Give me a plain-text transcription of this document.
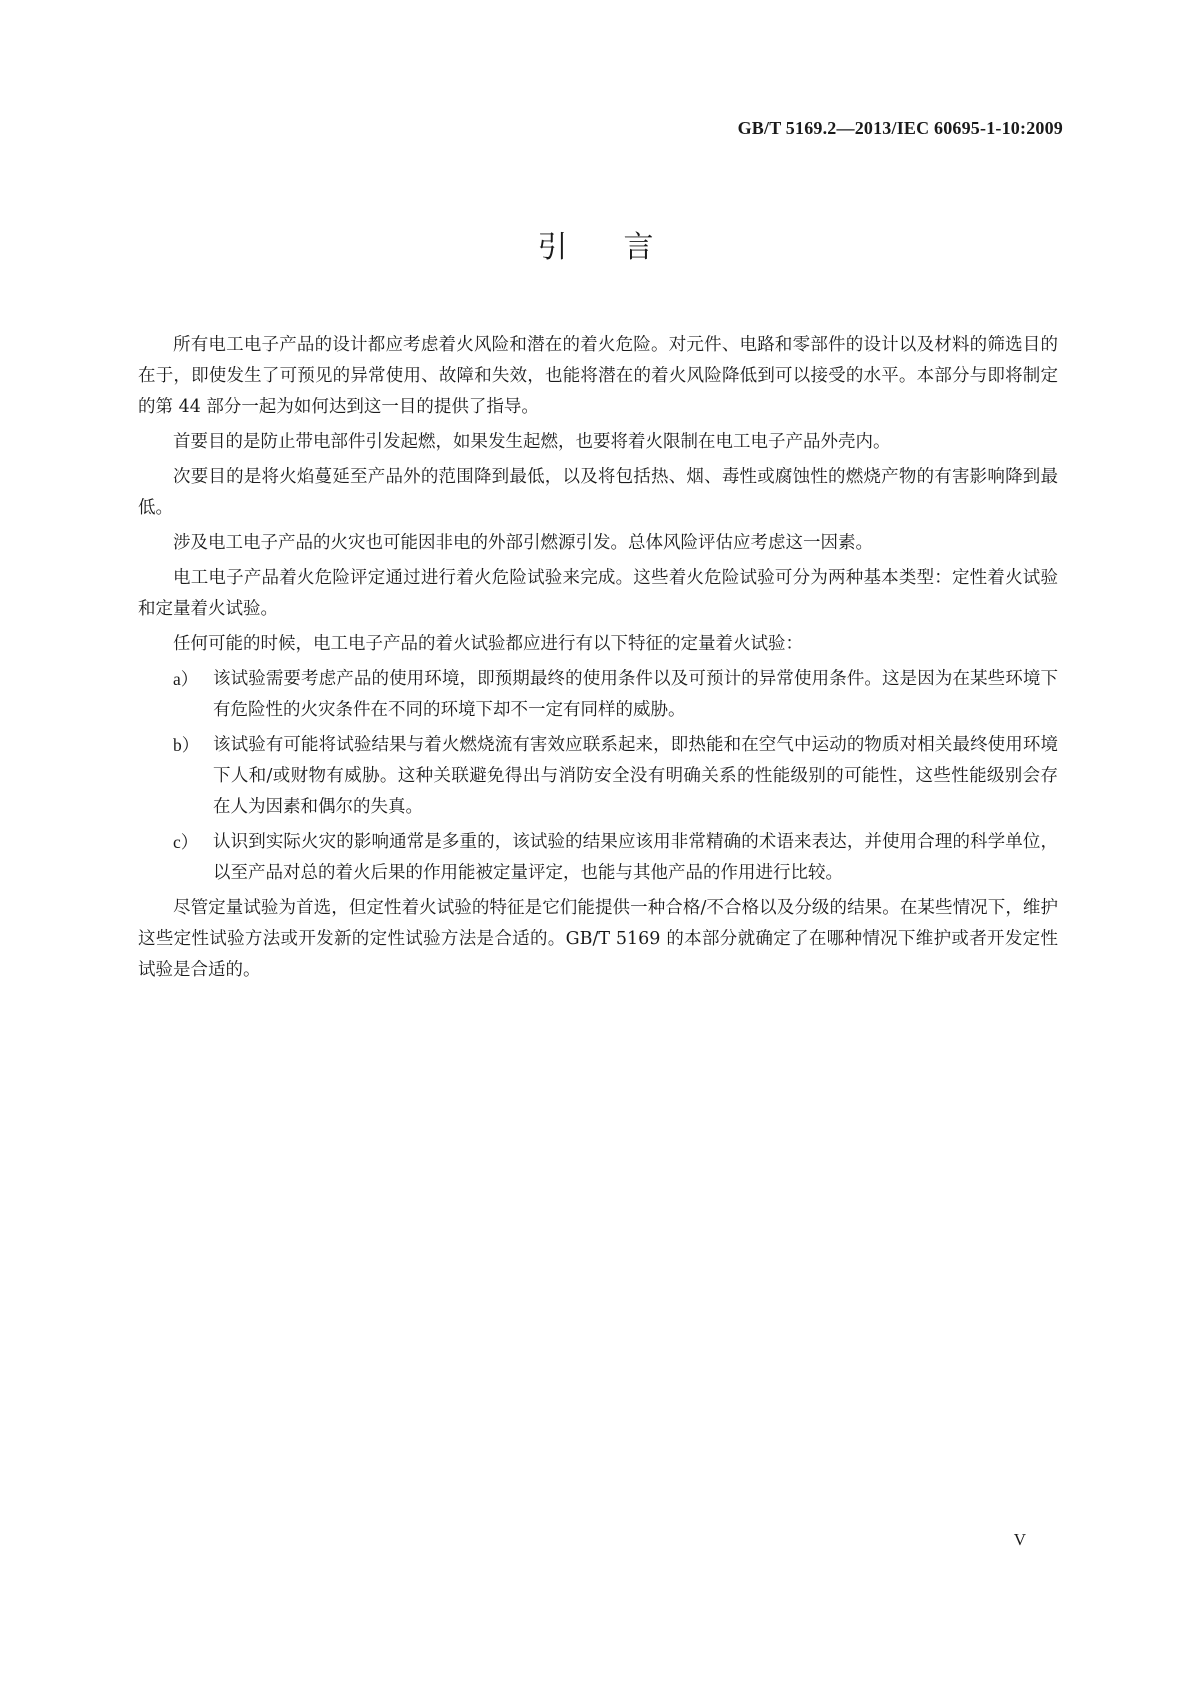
GB/T 5169.2—2013/IEC 60695-1-10:2009
引言

所有电工电子产品的设计都应考虑着火风险和潜在的着火危险。对元件、电路和零部件的设计以及材料的筛选目的在于，即使发生了可预见的异常使用、故障和失效，也能将潜在的着火风险降低到可以接受的水平。本部分与即将制定的第 44 部分一起为如何达到这一目的提供了指导。

首要目的是防止带电部件引发起燃，如果发生起燃，也要将着火限制在电工电子产品外壳内。

次要目的是将火焰蔓延至产品外的范围降到最低，以及将包括热、烟、毒性或腐蚀性的燃烧产物的有害影响降到最低。

涉及电工电子产品的火灾也可能因非电的外部引燃源引发。总体风险评估应考虑这一因素。

电工电子产品着火危险评定通过进行着火危险试验来完成。这些着火危险试验可分为两种基本类型：定性着火试验和定量着火试验。

任何可能的时候，电工电子产品的着火试验都应进行有以下特征的定量着火试验：

a） 该试验需要考虑产品的使用环境，即预期最终的使用条件以及可预计的异常使用条件。这是因为在某些环境下有危险性的火灾条件在不同的环境下却不一定有同样的威胁。
b） 该试验有可能将试验结果与着火燃烧流有害效应联系起来，即热能和在空气中运动的物质对相关最终使用环境下人和/或财物有威胁。这种关联避免得出与消防安全没有明确关系的性能级别的可能性，这些性能级别会存在人为因素和偶尔的失真。
c） 认识到实际火灾的影响通常是多重的，该试验的结果应该用非常精确的术语来表达，并使用合理的科学单位，以至产品对总的着火后果的作用能被定量评定，也能与其他产品的作用进行比较。

尽管定量试验为首选，但定性着火试验的特征是它们能提供一种合格/不合格以及分级的结果。在某些情况下，维护这些定性试验方法或开发新的定性试验方法是合适的。GB/T 5169 的本部分就确定了在哪种情况下维护或者开发定性试验是合适的。

V
